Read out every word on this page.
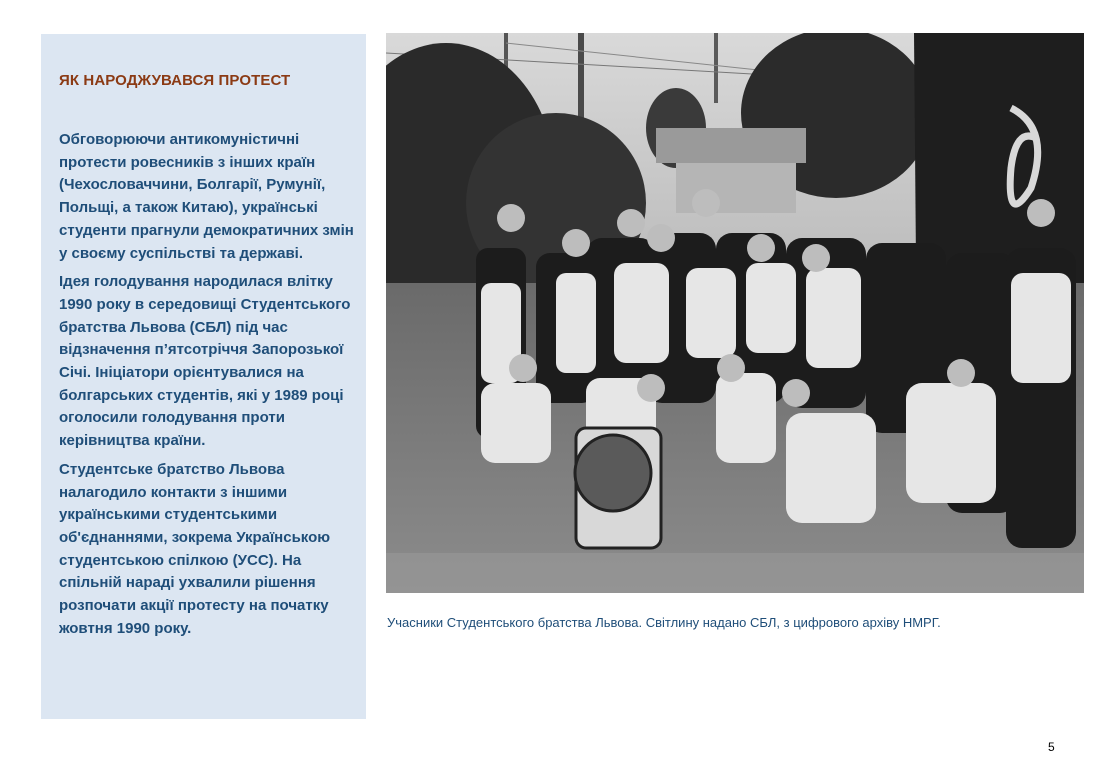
ЯК НАРОДЖУВАВСЯ ПРОТЕСТ

Обговорюючи антикомуністичні протести ровесників з інших країн (Чехословаччини, Болгарії, Румунії, Польщі, а також Китаю), українські студенти прагнули демократичних змін у своєму суспільстві та державі.

Ідея голодування народилася влітку 1990 року в середовищі Студентського братства Львова (СБЛ) під час відзначення п’ятсотріччя Запорозької Січі. Ініціатори орієнтувалися на болгарських студентів, які у 1989 році оголосили голодування проти керівництва країни.

Студентське братство Львова налагодило контакти з іншими українськими студентськими об'єднаннями, зокрема Українською студентською спілкою (УСС). На спільній нараді ухвалили рішення розпочати акції протесту на початку жовтня 1990 року.	Учасники Студентського братства Львова. Світлину надано СБЛ, з цифрового архіву НМРГ.

5
